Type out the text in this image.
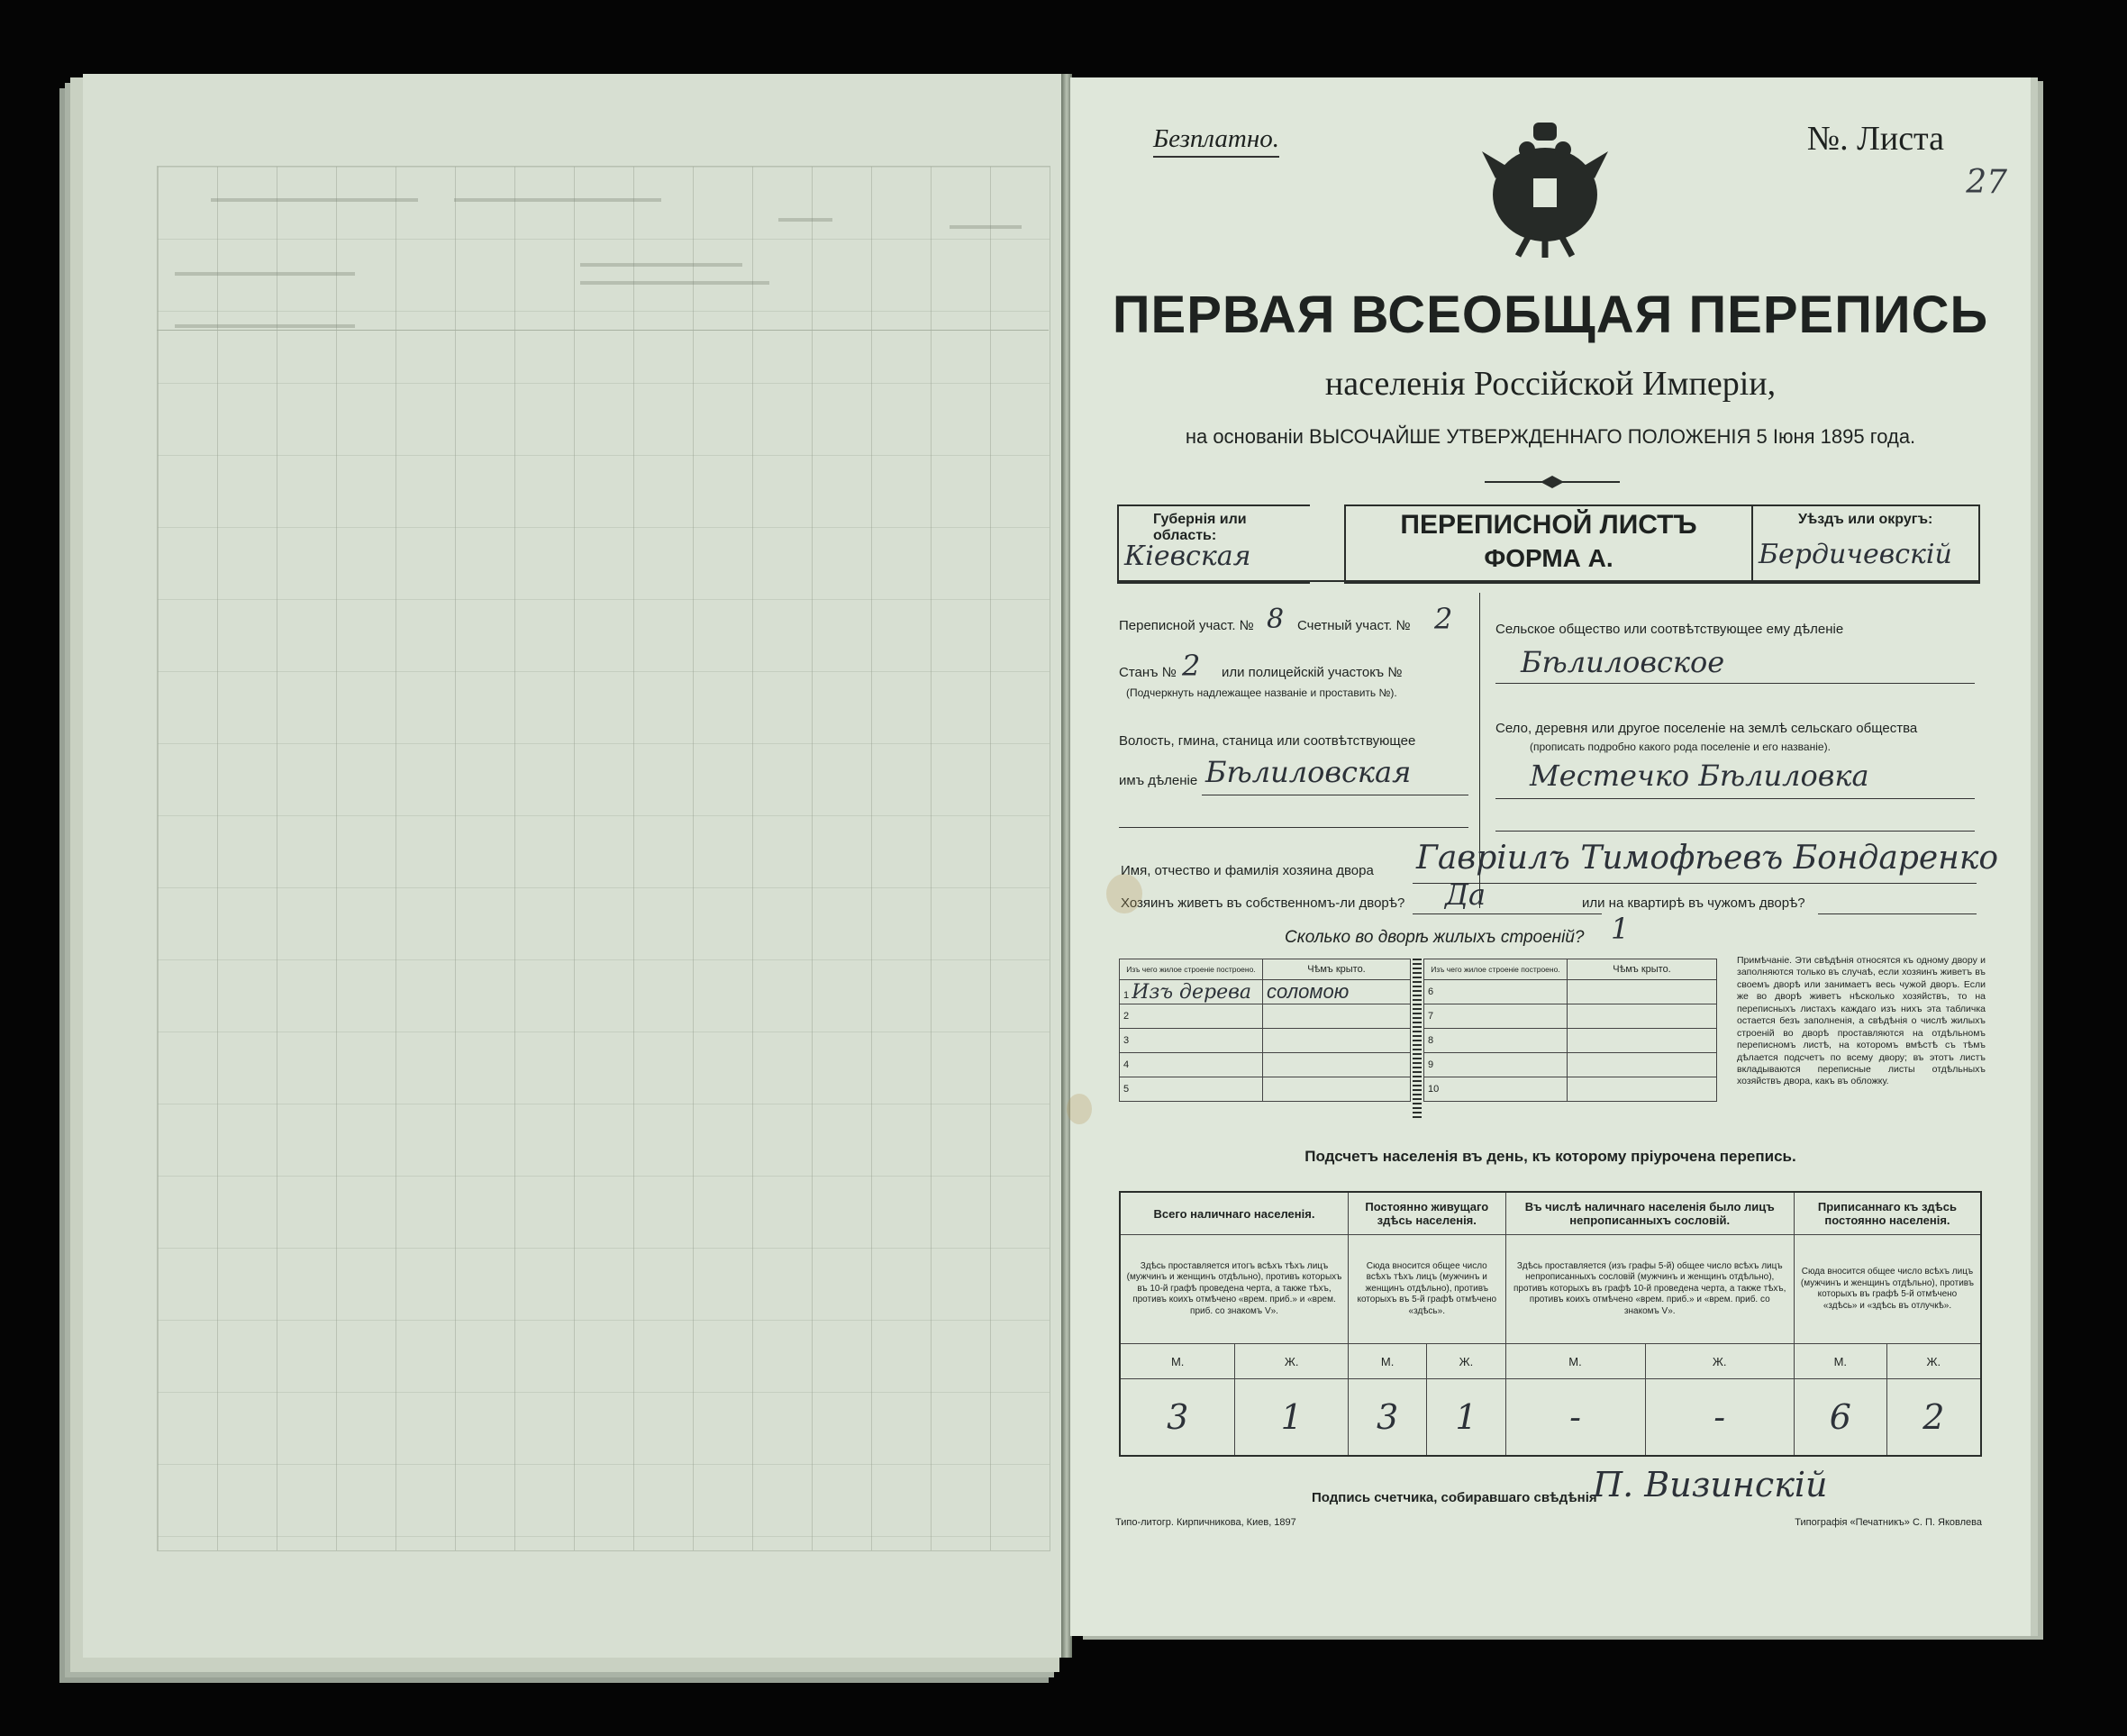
Безплатно.	№. Листа
27
ПЕРВАЯ ВСЕОБЩАЯ ПЕРЕПИСЬ
населенія Россійской Имперіи,
на основаніи ВЫСОЧАЙШЕ УТВЕРЖДЕННАГО ПОЛОЖЕНІЯ 5 Іюня 1895 года.
Губернія или область:
Кіевская
ПЕРЕПИСНОЙ ЛИСТЪ
ФОРМА А.
Уѣздъ или округъ:
Бердичевскій
Переписной участ. № 8 Счетный участ. № 2
Станъ № 2 или полицейскій участокъ №
(Подчеркнуть надлежащее названіе и проставить №).
Волость, гмина, станица или соотвѣтствующее
имъ дѣленіе Бѣлиловская
Сельское общество или соотвѣтствующее ему дѣленіе
Бѣлиловское
Село, деревня или другое поселеніе на землѣ сельскаго общества
(прописать подробно какого рода поселеніе и его названіе).
Местечко Бѣлиловка
Имя, отчество и фамилія хозяина двора Гаврiилъ Тимофѣевъ Бондаренко
Хозяинъ живетъ въ собственномъ-ли дворѣ? Да	или на квартирѣ въ чужомъ дворѣ?
Сколько во дворѣ жилыхъ строеній? 1
Изъ чего жилое строеніе построено.	Чѣмъ крыто.
1 Изъ дерева	соломою
2	
3	
4	
5	
Изъ чего жилое строеніе построено.	Чѣмъ крыто.
6	
7	
8	
9	
10	
Примѣчаніе. Эти свѣдѣнія относятся къ одному двору и заполняются только въ случаѣ, если хозяинъ живетъ въ своемъ дворѣ или занимаетъ весь чужой дворъ. Если же во дворѣ живетъ нѣсколько хозяйствъ, то на переписныхъ листахъ каждаго изъ нихъ эта табличка остается безъ заполненія, а свѣдѣнія о числѣ жилыхъ строеній во дворѣ проставляются на отдѣльномъ переписномъ листѣ, на которомъ вмѣстѣ съ тѣмъ дѣлается подсчетъ по всему двору; въ этотъ листъ вкладываются переписные листы отдѣльныхъ хозяйствъ двора, какъ въ обложку.
Подсчетъ населенія въ день, къ которому пріурочена перепись.
Всего наличнаго населенія.		Постоянно живущаго здѣсь населенія.		Въ числѣ наличнаго населенія было лицъ непрописанныхъ сословій.		Приписаннаго къ здѣсь постоянно населенія.	
Здѣсь проставляется итогъ всѣхъ тѣхъ лицъ (мужчинъ и женщинъ отдѣльно), противъ которыхъ въ 10-й графѣ проведена черта, а также тѣхъ, противъ коихъ отмѣчено «врем. приб.» и «врем. приб. со знакомъ V».		Сюда вносится общее число всѣхъ тѣхъ лицъ (мужчинъ и женщинъ отдѣльно), противъ которыхъ въ 5-й графѣ отмѣчено «здѣсь».		Здѣсь проставляется (изъ графы 5-й) общее число всѣхъ лицъ непрописанныхъ сословій (мужчинъ и женщинъ отдѣльно), противъ которыхъ въ графѣ 10-й проведена черта, а также тѣхъ, противъ коихъ отмѣчено «врем. приб.» и «врем. приб. со знакомъ V».		Сюда вносится общее число всѣхъ лицъ (мужчинъ и женщинъ отдѣльно), противъ которыхъ въ графѣ 5-й отмѣчено «здѣсь» и «здѣсь въ отлучкѣ».	
М.	Ж.	М.	Ж.	М.	Ж.	М.	Ж.
3	1	3	1	-	-	6	2
Подпись счетчика, собиравшаго свѣдѣнія
П. Визинскій
Типо-литогр. Кирпичникова, Киев, 1897	Типографія «Печатникъ» С. П. Яковлева
